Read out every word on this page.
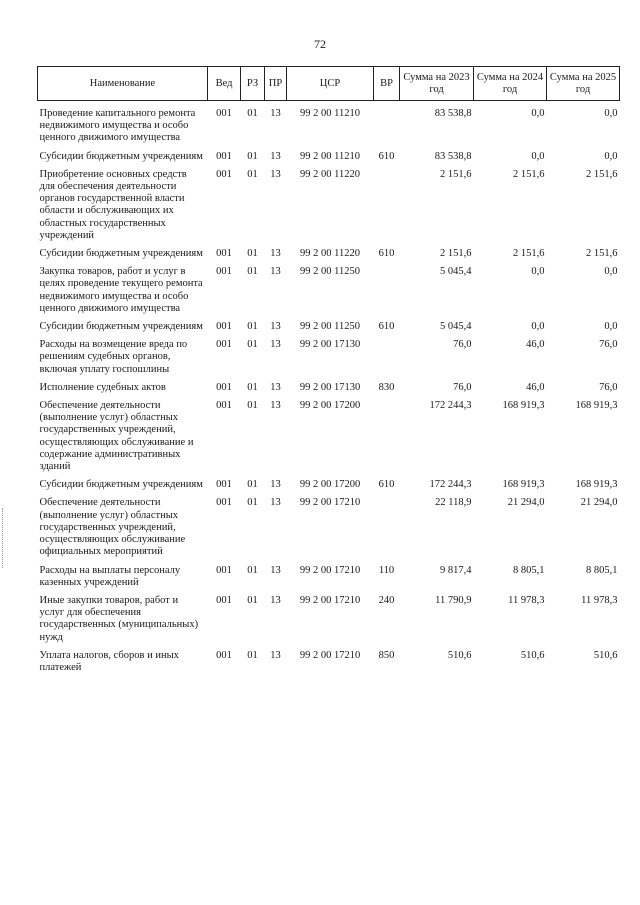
72
Наименование	Вед	РЗ	ПР	ЦСР	ВР	Сумма на 2023 год	Сумма на 2024 год	Сумма на 2025 год
Проведение капитального ремонта недвижимого имущества и особо ценного движимого имущества	001	01	13	99 2 00 11210		83 538,8	0,0	0,0
Субсидии бюджетным учреждениям	001	01	13	99 2 00 11210	610	83 538,8	0,0	0,0
Приобретение основных средств для обеспечения деятельности органов государственной власти области и обслуживающих их областных государственных учреждений	001	01	13	99 2 00 11220		2 151,6	2 151,6	2 151,6
Субсидии бюджетным учреждениям	001	01	13	99 2 00 11220	610	2 151,6	2 151,6	2 151,6
Закупка товаров, работ и услуг в целях проведение текущего ремонта недвижимого имущества и особо ценного движимого имущества	001	01	13	99 2 00 11250		5 045,4	0,0	0,0
Субсидии бюджетным учреждениям	001	01	13	99 2 00 11250	610	5 045,4	0,0	0,0
Расходы на возмещение вреда по решениям судебных органов, включая уплату госпошлины	001	01	13	99 2 00 17130		76,0	46,0	76,0
Исполнение судебных актов	001	01	13	99 2 00 17130	830	76,0	46,0	76,0
Обеспечение деятельности (выполнение услуг) областных государственных учреждений, осуществляющих обслуживание и содержание административных зданий	001	01	13	99 2 00 17200		172 244,3	168 919,3	168 919,3
Субсидии бюджетным учреждениям	001	01	13	99 2 00 17200	610	172 244,3	168 919,3	168 919,3
Обеспечение деятельности (выполнение услуг) областных государственных учреждений, осуществляющих обслуживание официальных мероприятий	001	01	13	99 2 00 17210		22 118,9	21 294,0	21 294,0
Расходы на выплаты персоналу казенных учреждений	001	01	13	99 2 00 17210	110	9 817,4	8 805,1	8 805,1
Иные закупки товаров, работ и услуг для обеспечения государственных (муниципальных) нужд	001	01	13	99 2 00 17210	240	11 790,9	11 978,3	11 978,3
Уплата налогов, сборов и иных платежей	001	01	13	99 2 00 17210	850	510,6	510,6	510,6
